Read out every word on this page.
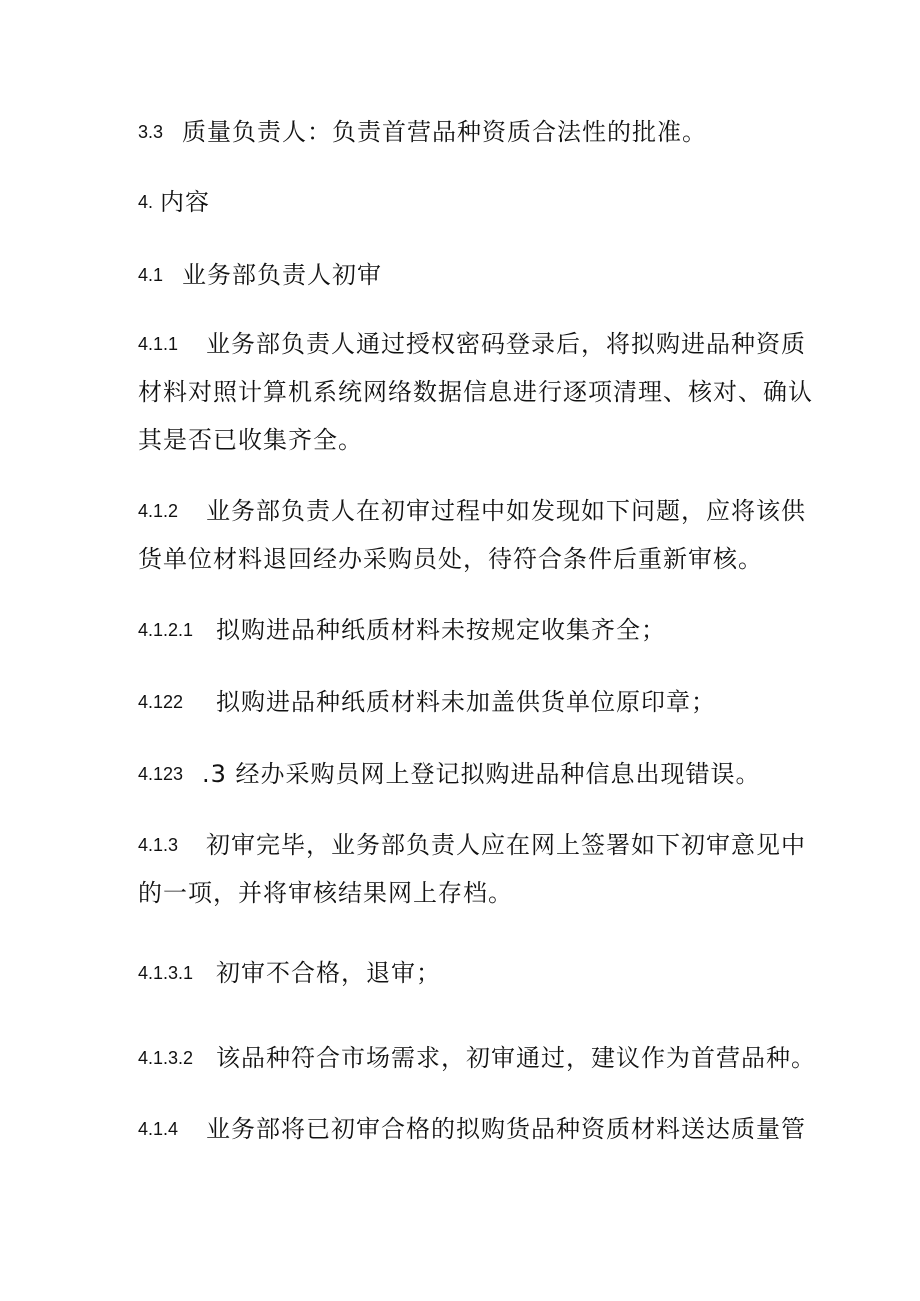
3.3 质量负责人：负责首营品种资质合法性的批准。
4. 内容
4.1 业务部负责人初审
4.1.1 业务部负责人通过授权密码登录后，将拟购进品种资质
材料对照计算机系统网络数据信息进行逐项清理、核对、确认
其是否已收集齐全。
4.1.2 业务部负责人在初审过程中如发现如下问题，应将该供
货单位材料退回经办采购员处，待符合条件后重新审核。
4.1.2.1 拟购进品种纸质材料未按规定收集齐全；
4.122 拟购进品种纸质材料未加盖供货单位原印章；
4.123 .3 经办采购员网上登记拟购进品种信息出现错误。
4.1.3 初审完毕，业务部负责人应在网上签署如下初审意见中
的一项，并将审核结果网上存档。
4.1.3.1 初审不合格，退审；
4.1.3.2 该品种符合市场需求，初审通过，建议作为首营品种。
4.1.4 业务部将已初审合格的拟购货品种资质材料送达质量管
